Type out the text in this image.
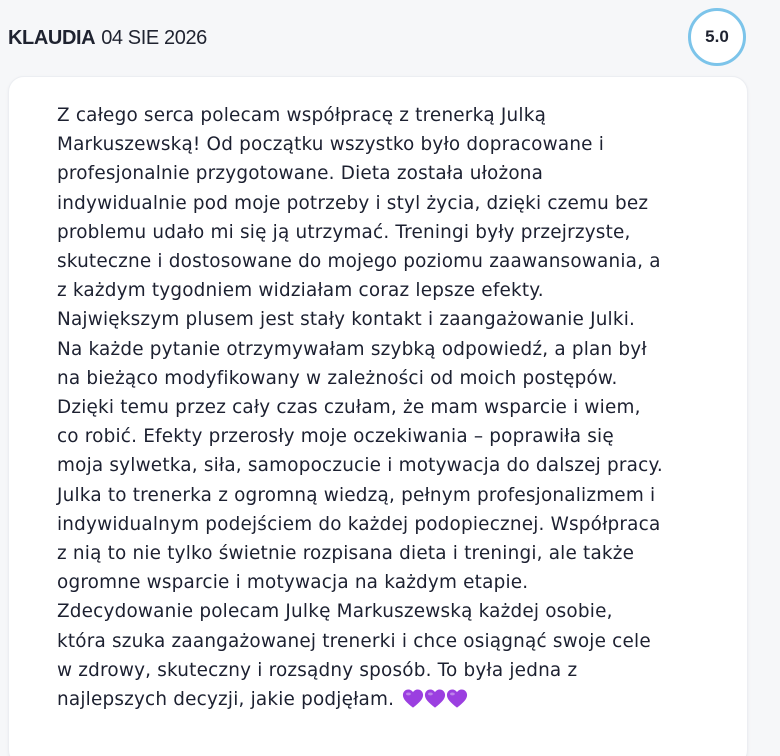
KLAUDIA 04 SIE 2026	5.0

Z całego serca polecam współpracę z trenerką Julką
Markuszewską! Od początku wszystko było dopracowane i
profesjonalnie przygotowane. Dieta została ułożona
indywidualnie pod moje potrzeby i styl życia, dzięki czemu bez
problemu udało mi się ją utrzymać. Treningi były przejrzyste,
skuteczne i dostosowane do mojego poziomu zaawansowania, a
z każdym tygodniem widziałam coraz lepsze efekty.
Największym plusem jest stały kontakt i zaangażowanie Julki.
Na każde pytanie otrzymywałam szybką odpowiedź, a plan był
na bieżąco modyfikowany w zależności od moich postępów.
Dzięki temu przez cały czas czułam, że mam wsparcie i wiem,
co robić. Efekty przerosły moje oczekiwania – poprawiła się
moja sylwetka, siła, samopoczucie i motywacja do dalszej pracy.
Julka to trenerka z ogromną wiedzą, pełnym profesjonalizmem i
indywidualnym podejściem do każdej podopiecznej. Współpraca
z nią to nie tylko świetnie rozpisana dieta i treningi, ale także
ogromne wsparcie i motywacja na każdym etapie.
Zdecydowanie polecam Julkę Markuszewską każdej osobie,
która szuka zaangażowanej trenerki i chce osiągnąć swoje cele
w zdrowy, skuteczny i rozsądny sposób. To była jedna z
najlepszych decyzji, jakie podjęłam.
